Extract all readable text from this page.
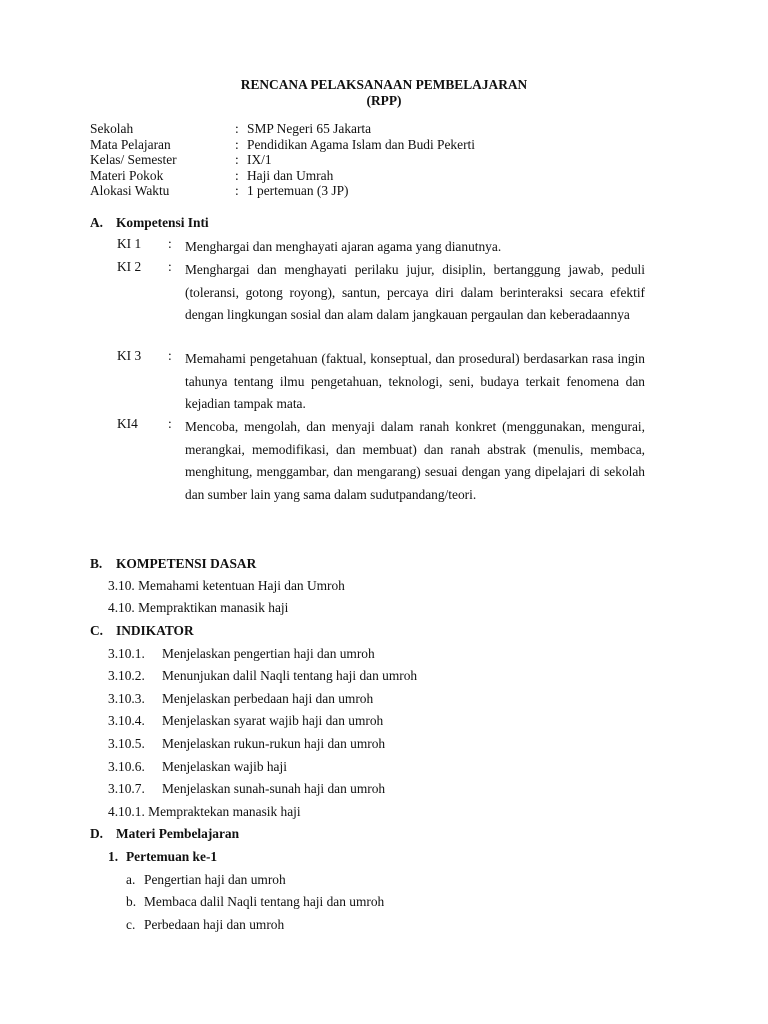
RENCANA PELAKSANAAN PEMBELAJARAN
(RPP)
Sekolah	: SMP Negeri 65 Jakarta
Mata Pelajaran	: Pendidikan Agama Islam dan Budi Pekerti
Kelas/ Semester	: IX/1
Materi Pokok	: Haji dan Umrah
Alokasi Waktu	: 1 pertemuan (3 JP)
A. Kompetensi Inti
KI 1 : Menghargai dan menghayati ajaran agama yang dianutnya.
KI 2 : Menghargai dan menghayati perilaku jujur, disiplin, bertanggung jawab, peduli (toleransi, gotong royong), santun, percaya diri dalam berinteraksi secara efektif dengan lingkungan sosial dan alam dalam jangkauan pergaulan dan keberadaannya
KI 3 : Memahami pengetahuan (faktual, konseptual, dan prosedural) berdasarkan rasa ingin tahunya tentang ilmu pengetahuan, teknologi, seni, budaya terkait fenomena dan kejadian tampak mata.
KI4 : Mencoba, mengolah, dan menyaji dalam ranah konkret (menggunakan, mengurai, merangkai, memodifikasi, dan membuat) dan ranah abstrak (menulis, membaca, menghitung, menggambar, dan mengarang) sesuai dengan yang dipelajari di sekolah dan sumber lain yang sama dalam sudutpandang/teori.
B. KOMPETENSI DASAR
3.10. Memahami ketentuan Haji dan Umroh
4.10. Mempraktikan manasik haji
C. INDIKATOR
3.10.1. Menjelaskan pengertian haji dan umroh
3.10.2. Menunjukan dalil Naqli tentang haji dan umroh
3.10.3. Menjelaskan perbedaan haji dan umroh
3.10.4. Menjelaskan syarat wajib haji dan umroh
3.10.5. Menjelaskan rukun-rukun haji dan umroh
3.10.6. Menjelaskan wajib haji
3.10.7. Menjelaskan sunah-sunah haji dan umroh
4.10.1. Mempraktekan manasik haji
D. Materi Pembelajaran
1. Pertemuan ke-1
a. Pengertian haji dan umroh
b. Membaca dalil Naqli tentang haji dan umroh
c. Perbedaan haji dan umroh
